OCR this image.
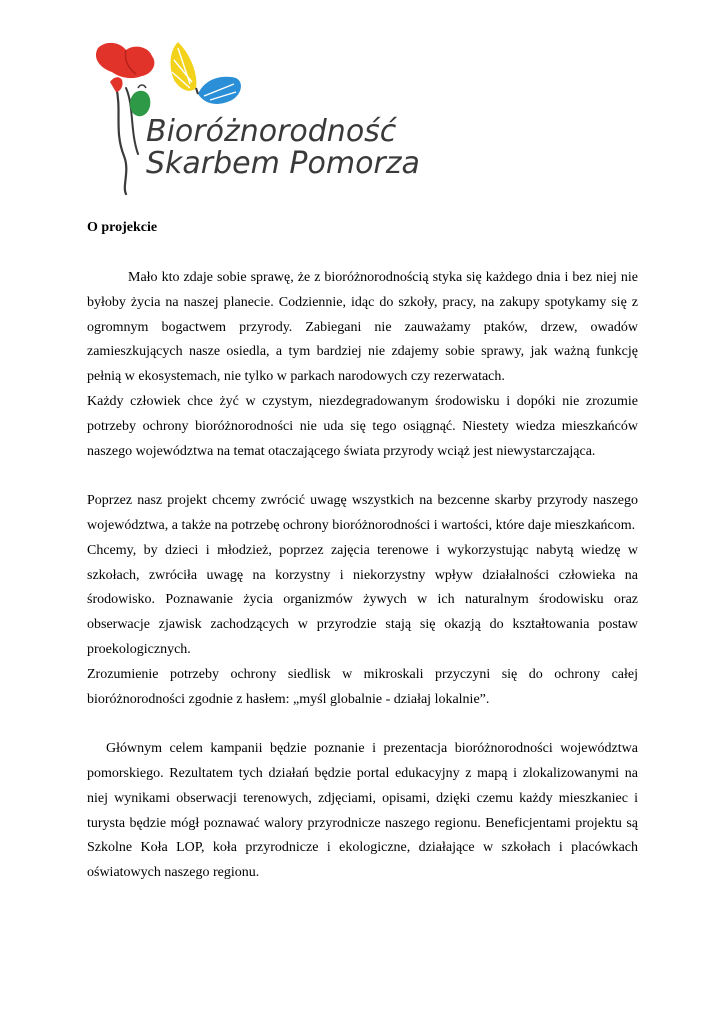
Bioróżnorodność
Skarbem Pomorza

O projekcie

Mało kto zdaje sobie sprawę, że z bioróżnorodnością styka się każdego dnia i bez niej nie byłoby życia na naszej planecie. Codziennie, idąc do szkoły, pracy, na zakupy spotykamy się z ogromnym bogactwem przyrody. Zabiegani nie zauważamy ptaków, drzew, owadów zamieszkujących nasze osiedla, a tym bardziej nie zdajemy sobie sprawy, jak ważną funkcję pełnią w ekosystemach, nie tylko w parkach narodowych czy rezerwatach.

Każdy człowiek chce żyć w czystym, niezdegradowanym środowisku i dopóki nie zrozumie potrzeby ochrony bioróżnorodności nie uda się tego osiągnąć. Niestety wiedza mieszkańców naszego województwa na temat otaczającego świata przyrody wciąż jest niewystarczająca.

Poprzez nasz projekt chcemy zwrócić uwagę wszystkich na bezcenne skarby przyrody naszego województwa, a także na potrzebę ochrony bioróżnorodności i wartości, które daje mieszkańcom.

Chcemy, by dzieci i młodzież, poprzez zajęcia terenowe i wykorzystując nabytą wiedzę w szkołach, zwróciła uwagę na korzystny i niekorzystny wpływ działalności człowieka na środowisko. Poznawanie życia organizmów żywych w ich naturalnym środowisku oraz obserwacje zjawisk zachodzących w przyrodzie stają się okazją do kształtowania postaw proekologicznych.

Zrozumienie potrzeby ochrony siedlisk w mikroskali przyczyni się do ochrony całej bioróżnorodności zgodnie z hasłem: „myśl globalnie - działaj lokalnie”.

Głównym celem kampanii będzie poznanie i prezentacja bioróżnorodności województwa pomorskiego. Rezultatem tych działań będzie portal edukacyjny z mapą i zlokalizowanymi na niej wynikami obserwacji terenowych, zdjęciami, opisami, dzięki czemu każdy mieszkaniec i turysta będzie mógł poznawać walory przyrodnicze naszego regionu. Beneficjentami projektu są Szkolne Koła LOP, koła przyrodnicze i ekologiczne, działające w szkołach i placówkach oświatowych naszego regionu.
